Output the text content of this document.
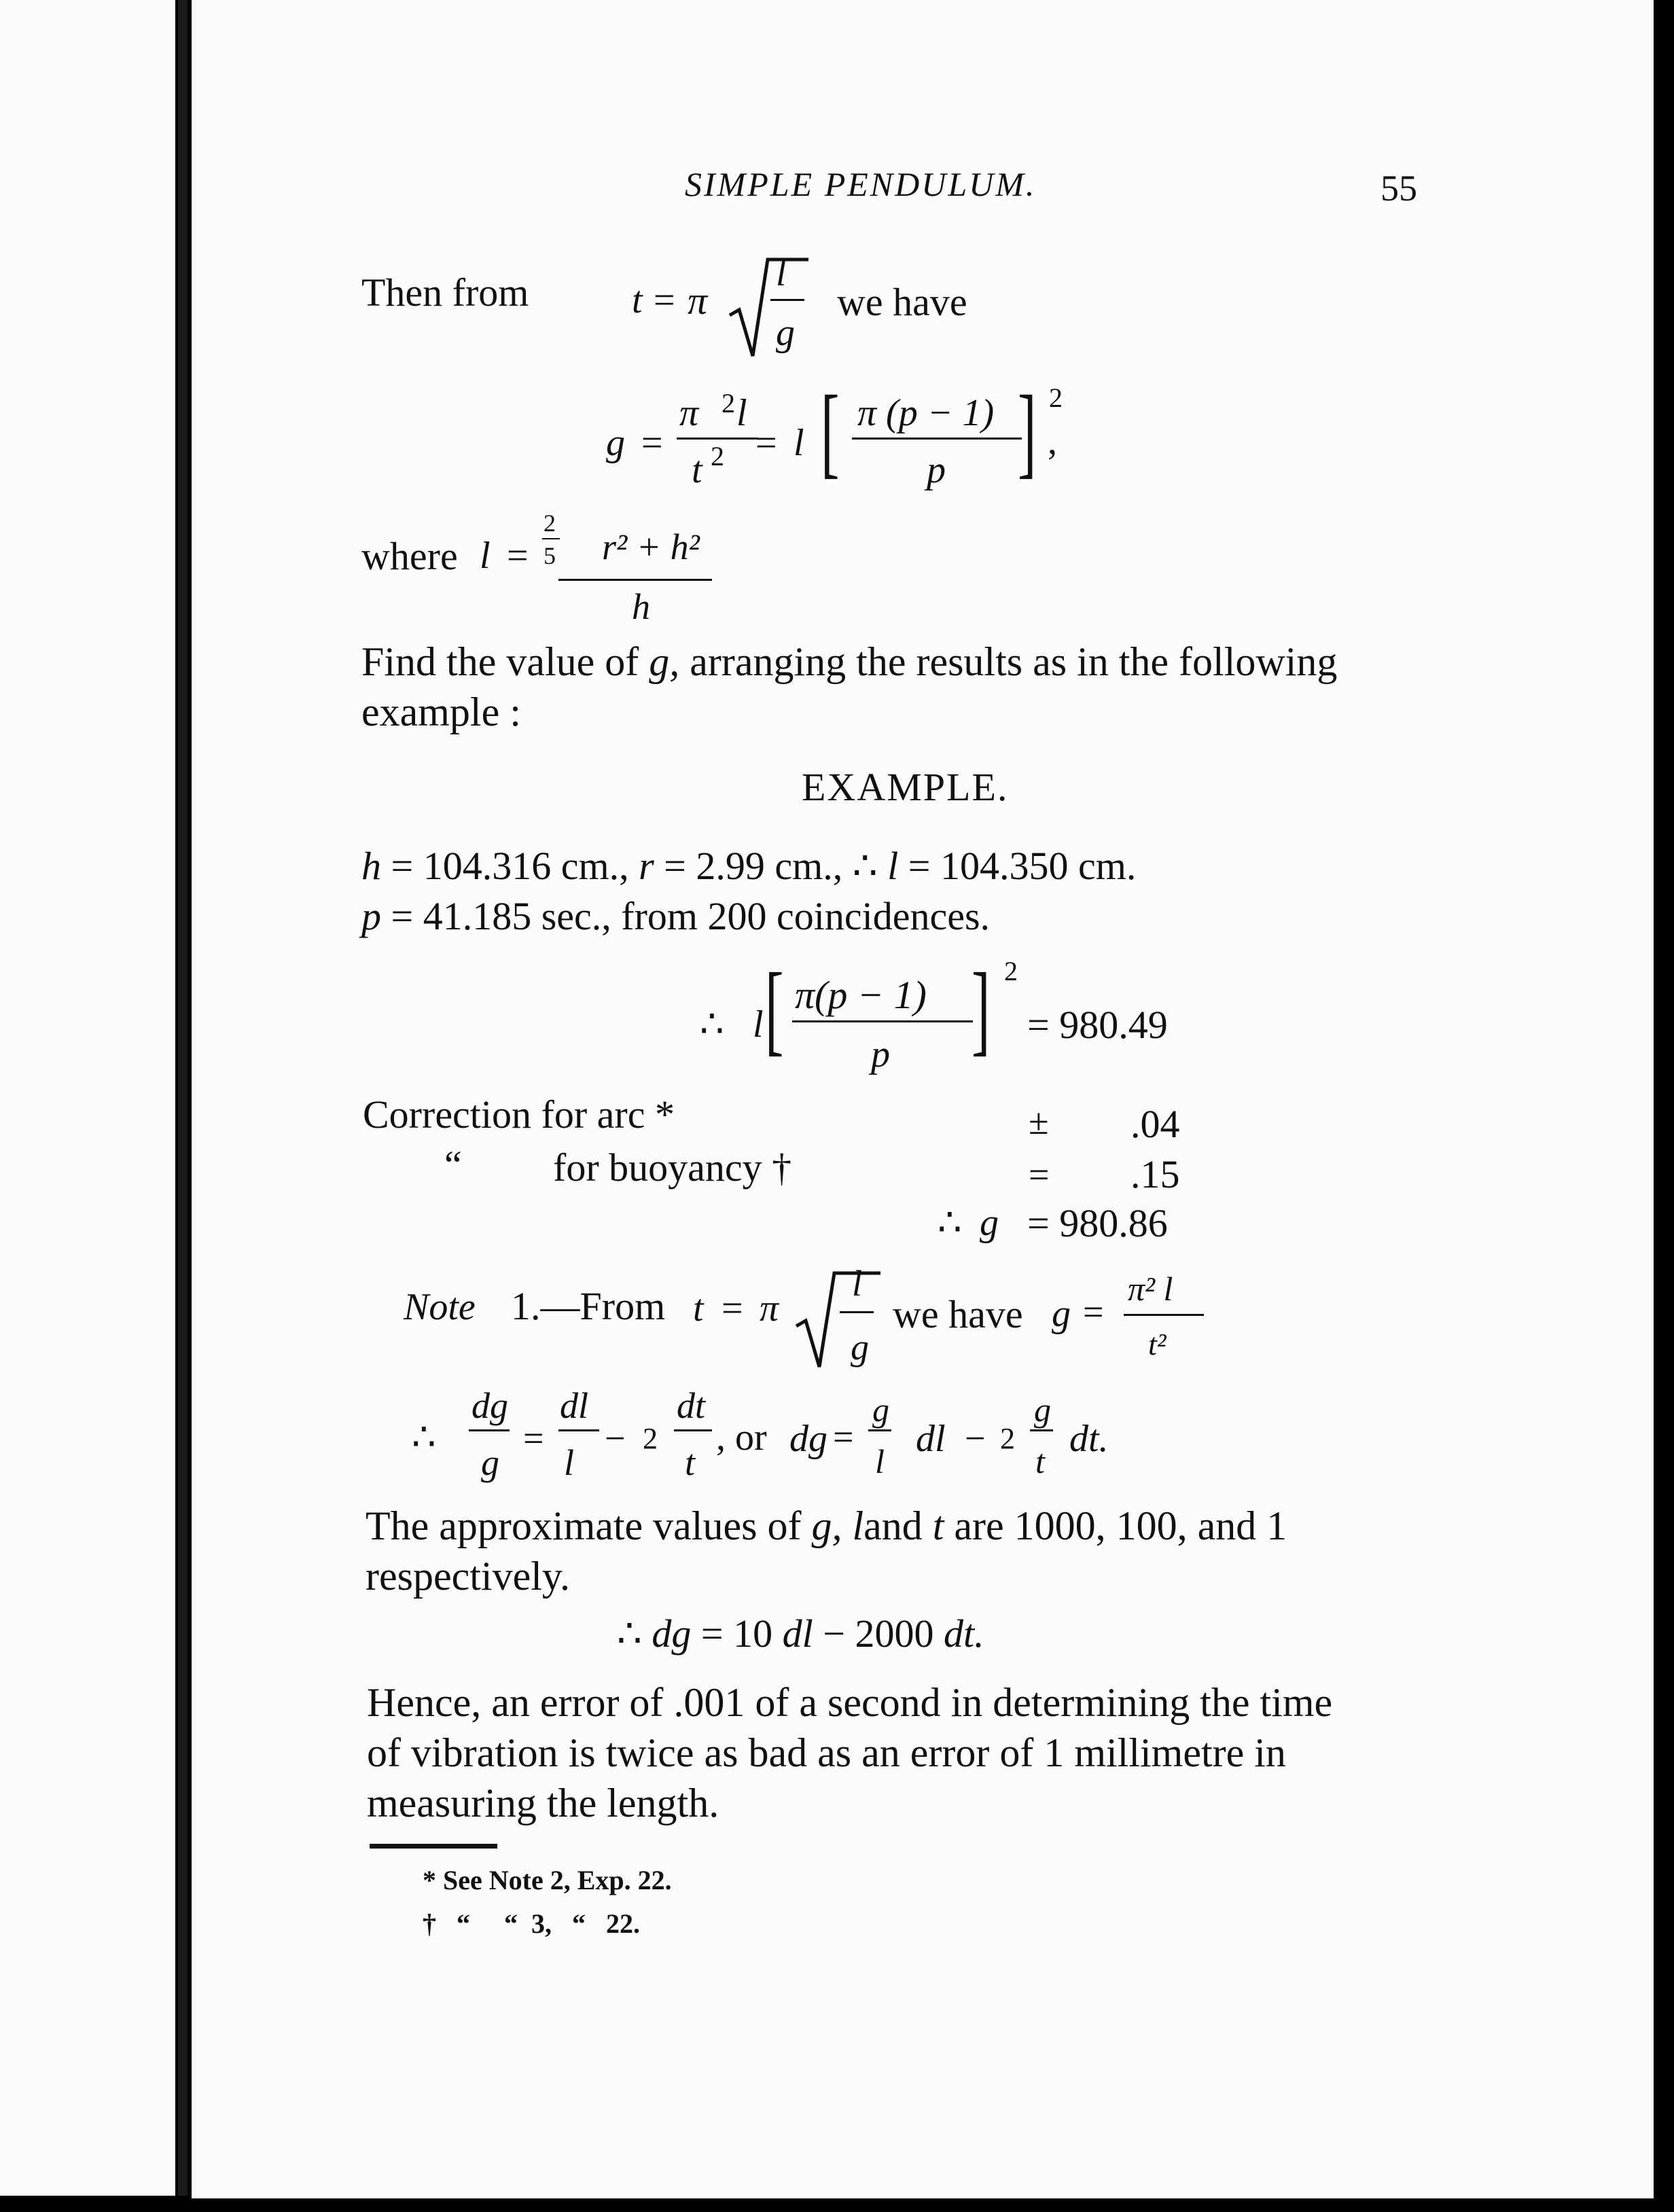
SIMPLE PENDULUM.	55
Then from	t = π
l
g
we have
g =
π 2 l
t 2 = l [ π (p − 1)
p ] 2
,
where l =
2
5 r² + h²
h
Find the value of g, arranging the results as in the following
example :
EXAMPLE.
h = 104.316 cm., r = 2.99 cm., ∴ l = 104.350 cm.
p = 41.185 sec., from 200 coincidences.
∴ l [ π(p − 1)
p ] 2
= 980.49
Correction for arc *	± .04
“ for buoyancy †	= .15
∴ g = 980.86
Note 1.—From t = π
l
g
we have g =
π² l
t²
∴
dg
g
=
dl
l
− 2
dt
t
, or dg =
g
l
dl − 2
g
t
dt.
The approximate values of g, land t are 1000, 100, and 1
respectively.
∴ dg = 10 dl − 2000 dt.
Hence, an error of .001 of a second in determining the time
of vibration is twice as bad as an error of 1 millimetre in
measuring the length.
* See Note 2, Exp. 22.
†   “     “  3,   “   22.
